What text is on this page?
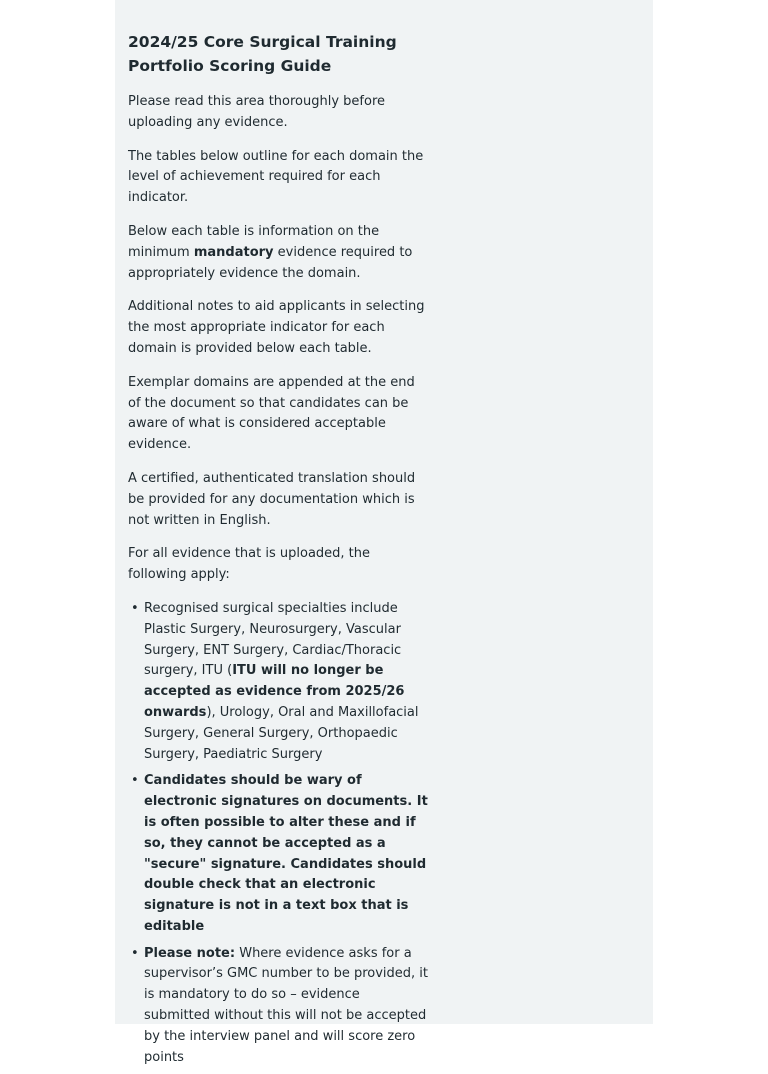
2024/25 Core Surgical Training Portfolio Scoring Guide

Please read this area thoroughly before uploading any evidence.

The tables below outline for each domain the level of achievement required for each indicator.

Below each table is information on the minimum mandatory evidence required to appropriately evidence the domain.

Additional notes to aid applicants in selecting the most appropriate indicator for each domain is provided below each table.

Exemplar domains are appended at the end of the document so that candidates can be aware of what is considered acceptable evidence.

A certified, authenticated translation should be provided for any documentation which is not written in English.

For all evidence that is uploaded, the following apply:

• Recognised surgical specialties include Plastic Surgery, Neurosurgery, Vascular Surgery, ENT Surgery, Cardiac/Thoracic surgery, ITU (ITU will no longer be accepted as evidence from 2025/26 onwards), Urology, Oral and Maxillofacial Surgery, General Surgery, Orthopaedic Surgery, Paediatric Surgery
• Candidates should be wary of electronic signatures on documents. It is often possible to alter these and if so, they cannot be accepted as a "secure" signature. Candidates should double check that an electronic signature is not in a text box that is editable
• Please note: Where evidence asks for a supervisor’s GMC number to be provided, it is mandatory to do so – evidence submitted without this will not be accepted by the interview panel and will score zero points
